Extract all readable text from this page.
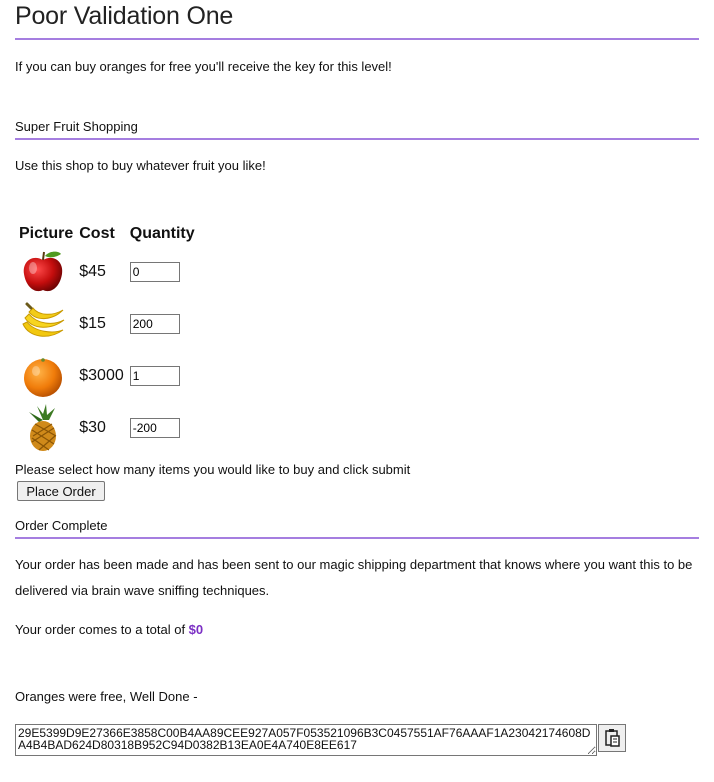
Poor Validation One
If you can buy oranges for free you'll receive the key for this level!
Super Fruit Shopping
Use this shop to buy whatever fruit you like!
Picture	Cost	Quantity

	$45	0

	$15	200

	$3000	1

	$30	-200
Please select how many items you would like to buy and click submit
Place Order
Order Complete
Your order has been made and has been sent to our magic shipping department that knows where you want this to be
delivered via brain wave sniffing techniques.
Your order comes to a total of $0
Oranges were free, Well Done -
29E5399D9E27366E3858C00B4AA89CEE927A057F053521096B3C0457551AF76AAAF1A23042174608DA4B4BAD624D80318B952C94D0382B13EA0E4A740E8EE617
